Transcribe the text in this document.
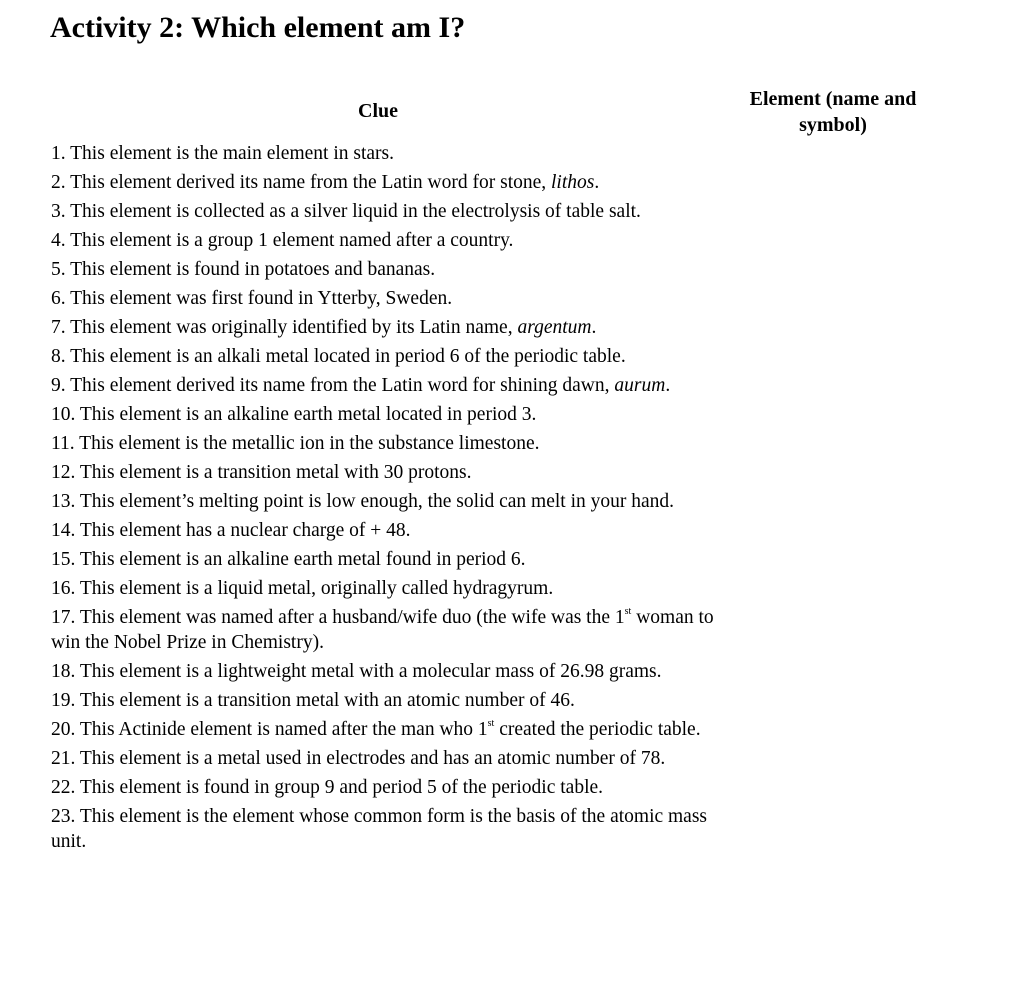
Activity 2: Which element am I?
Clue
Element (name and symbol)
1. This element is the main element in stars.
2. This element derived its name from the Latin word for stone, lithos.
3. This element is collected as a silver liquid in the electrolysis of table salt.
4. This element is a group 1 element named after a country.
5. This element is found in potatoes and bananas.
6. This element was first found in Ytterby, Sweden.
7. This element was originally identified by its Latin name, argentum.
8. This element is an alkali metal located in period 6 of the periodic table.
9. This element derived its name from the Latin word for shining dawn, aurum.
10. This element is an alkaline earth metal located in period 3.
11. This element is the metallic ion in the substance limestone.
12. This element is a transition metal with 30 protons.
13. This element’s melting point is low enough, the solid can melt in your hand.
14. This element has a nuclear charge of + 48.
15. This element is an alkaline earth metal found in period 6.
16. This element is a liquid metal, originally called hydragyrum.
17. This element was named after a husband/wife duo (the wife was the 1st woman to win the Nobel Prize in Chemistry).
18. This element is a lightweight metal with a molecular mass of 26.98 grams.
19. This element is a transition metal with an atomic number of 46.
20. This Actinide element is named after the man who 1st created the periodic table.
21. This element is a metal used in electrodes and has an atomic number of 78.
22. This element is found in group 9 and period 5 of the periodic table.
23. This element is the element whose common form is the basis of the atomic mass unit.
